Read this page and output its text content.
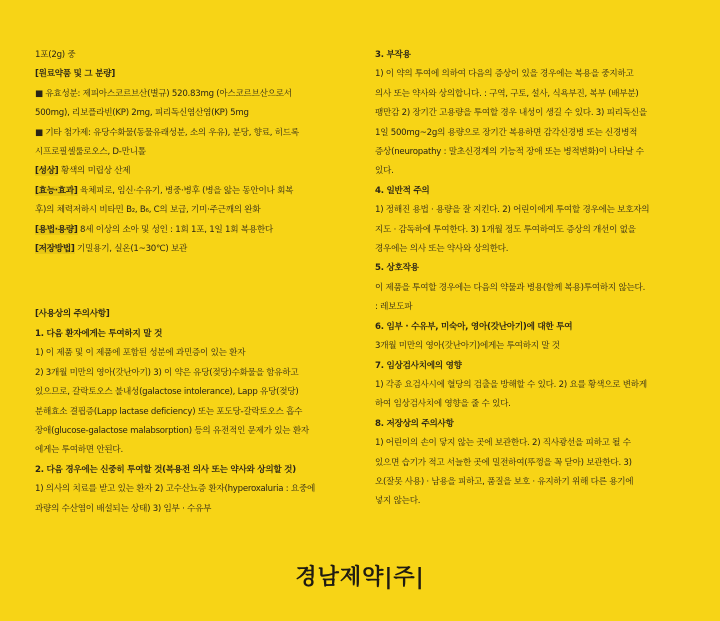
1포(2g) 중
[원료약품 및 그 분량]
■ 유효성분: 제피아스코르브산(별규) 520.83mg (아스코르브산으로서
500mg), 리보플라빈(KP) 2mg, 피리독신염산염(KP) 5mg
■ 기타 첨가제: 유당수화물(동물유래성분, 소의 우유), 분당, 향료, 히드록
시프로필셀룰로오스, D-만니톨
[성상] 황색의 미립상 산제
[효능·효과] 육체피로, 임신·수유기, 병중·병후 (병을 앓는 동안이나 회복
후)의 체력저하시 비타민 B₂, B₆, C의 보급, 기미·주근깨의 완화
[용법·용량] 8세 이상의 소아 및 성인 : 1회 1포, 1일 1회 복용한다
[저장방법] 기밀용기, 실온(1~30℃) 보관
[사용상의 주의사항]
1. 다음 환자에게는 투여하지 말 것
1) 이 제품 및 이 제품에 포함된 성분에 과민증이 있는 환자
2) 3개월 미만의 영아(갓난아기) 3) 이 약은 유당(젖당)수화물을 함유하고
있으므로, 갈락토오스 불내성(galactose intolerance), Lapp 유당(젖당)
분해효소 결핍증(Lapp lactase deficiency) 또는 포도당-갈락토오스 흡수
장애(glucose-galactose malabsorption) 등의 유전적인 문제가 있는 환자
에게는 투여하면 안된다.
2. 다음 경우에는 신중히 투여할 것(복용전 의사 또는 약사와 상의할 것)
1) 의사의 치료를 받고 있는 환자 2) 고수산뇨증 환자(hyperoxaluria : 요중에
과량의 수산염이 배설되는 상태) 3) 임부 · 수유부
3. 부작용
1) 이 약의 투여에 의하여 다음의 증상이 있을 경우에는 복용을 중지하고
의사 또는 약사와 상의합니다. : 구역, 구토, 설사, 식욕부진, 복부 (배부분)
팽만감 2) 장기간 고용량을 투여할 경우 내성이 생길 수 있다. 3) 피리독신을
1일 500mg~2g의 용량으로 장기간 복용하면 감각신경병 또는 신경병적
증상(neuropathy : 말초신경계의 기능적 장애 또는 병적변화)이 나타날 수
있다.
4. 일반적 주의
1) 정해진 용법 · 용량을 잘 지킨다. 2) 어린이에게 투여할 경우에는 보호자의
지도 · 감독하에 투여한다. 3) 1개월 정도 투여하여도 증상의 개선이 없을
경우에는 의사 또는 약사와 상의한다.
5. 상호작용
이 제품을 투여할 경우에는 다음의 약물과 병용(함께 복용)투여하지 않는다.
: 레보도파
6. 임부 · 수유부, 미숙아, 영아(갓난아기)에 대한 투여
3개월 미만의 영아(갓난아기)에게는 투여하지 말 것
7. 임상검사치에의 영향
1) 각종 요검사시에 혈당의 검출을 방해할 수 있다. 2) 요를 황색으로 변하게
하여 임상검사치에 영향을 줄 수 있다.
8. 저장상의 주의사항
1) 어린이의 손이 닿지 않는 곳에 보관한다. 2) 직사광선을 피하고 될 수
있으면 습기가 적고 서늘한 곳에 밀전하여(뚜껑을 꼭 닫아) 보관한다. 3)
오(잘못 사용) · 남용을 피하고, 품질을 보호 · 유지하기 위해 다른 용기에
넣지 않는다.
경남제약|주|
